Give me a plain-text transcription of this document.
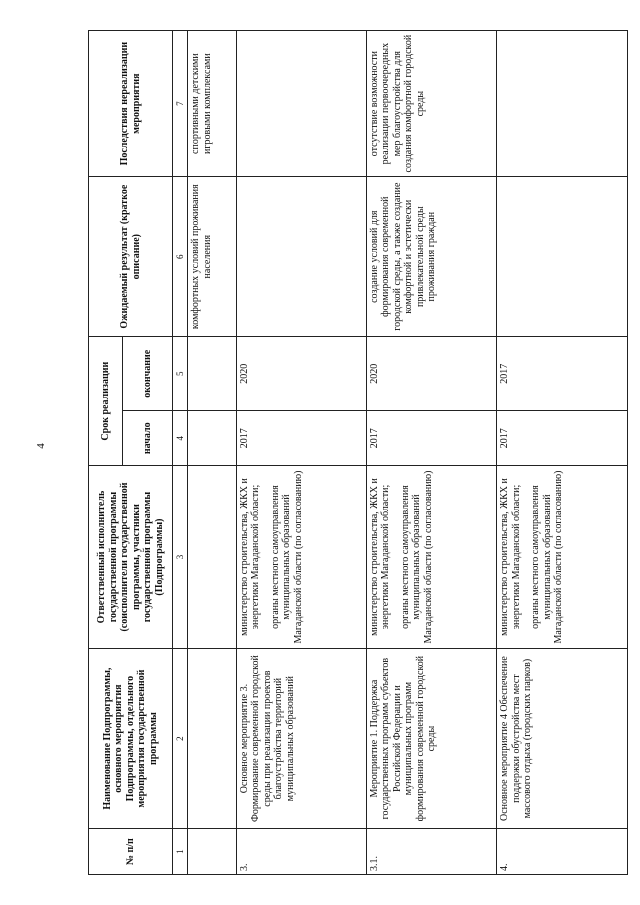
4
№ п/п	Наименование Подпрограммы, основного мероприятия Подпрограммы, отдельного мероприятия государственной программы	Ответственный исполнитель государственной программы (соисполнители государственной программы, участники государственной программы (Подпрограммы)	Срок реализации		Ожидаемый результат (краткое описание)	Последствия нереализации мероприятия
			начало	окончание		
1	2	3	4	5	6	7
					комфортных условий проживания населения	спортивными детскими игровыми комплексами
3.	Основное мероприятие 3. Формирование современной городской среды при реализации проектов благоустройства территорий муниципальных образований	министерство строительства, ЖКХ и энергетики Магаданской области; органы местного самоуправления муниципальных образований Магаданской области (по согласованию)	2017	2020		
3.1.	Мероприятие 1. Поддержка государственных программ субъектов Российской Федерации и муниципальных программ формирования современной городской среды	министерство строительства, ЖКХ и энергетики Магаданской области; органы местного самоуправления муниципальных образований Магаданской области (по согласованию)	2017	2020	создание условий для формирования современной городской среды, а также создание комфортной и эстетически привлекательной среды проживания граждан	отсутствие возможности реализации первоочередных мер благоустройства для создания комфортной городской среды
4.	Основное мероприятие 4 Обеспечение поддержки обустройства мест массового отдыха (городских парков)	министерство строительства, ЖКХ и энергетики Магаданской области; органы местного самоуправления муниципальных образований Магаданской области (по согласованию)	2017	2017		
